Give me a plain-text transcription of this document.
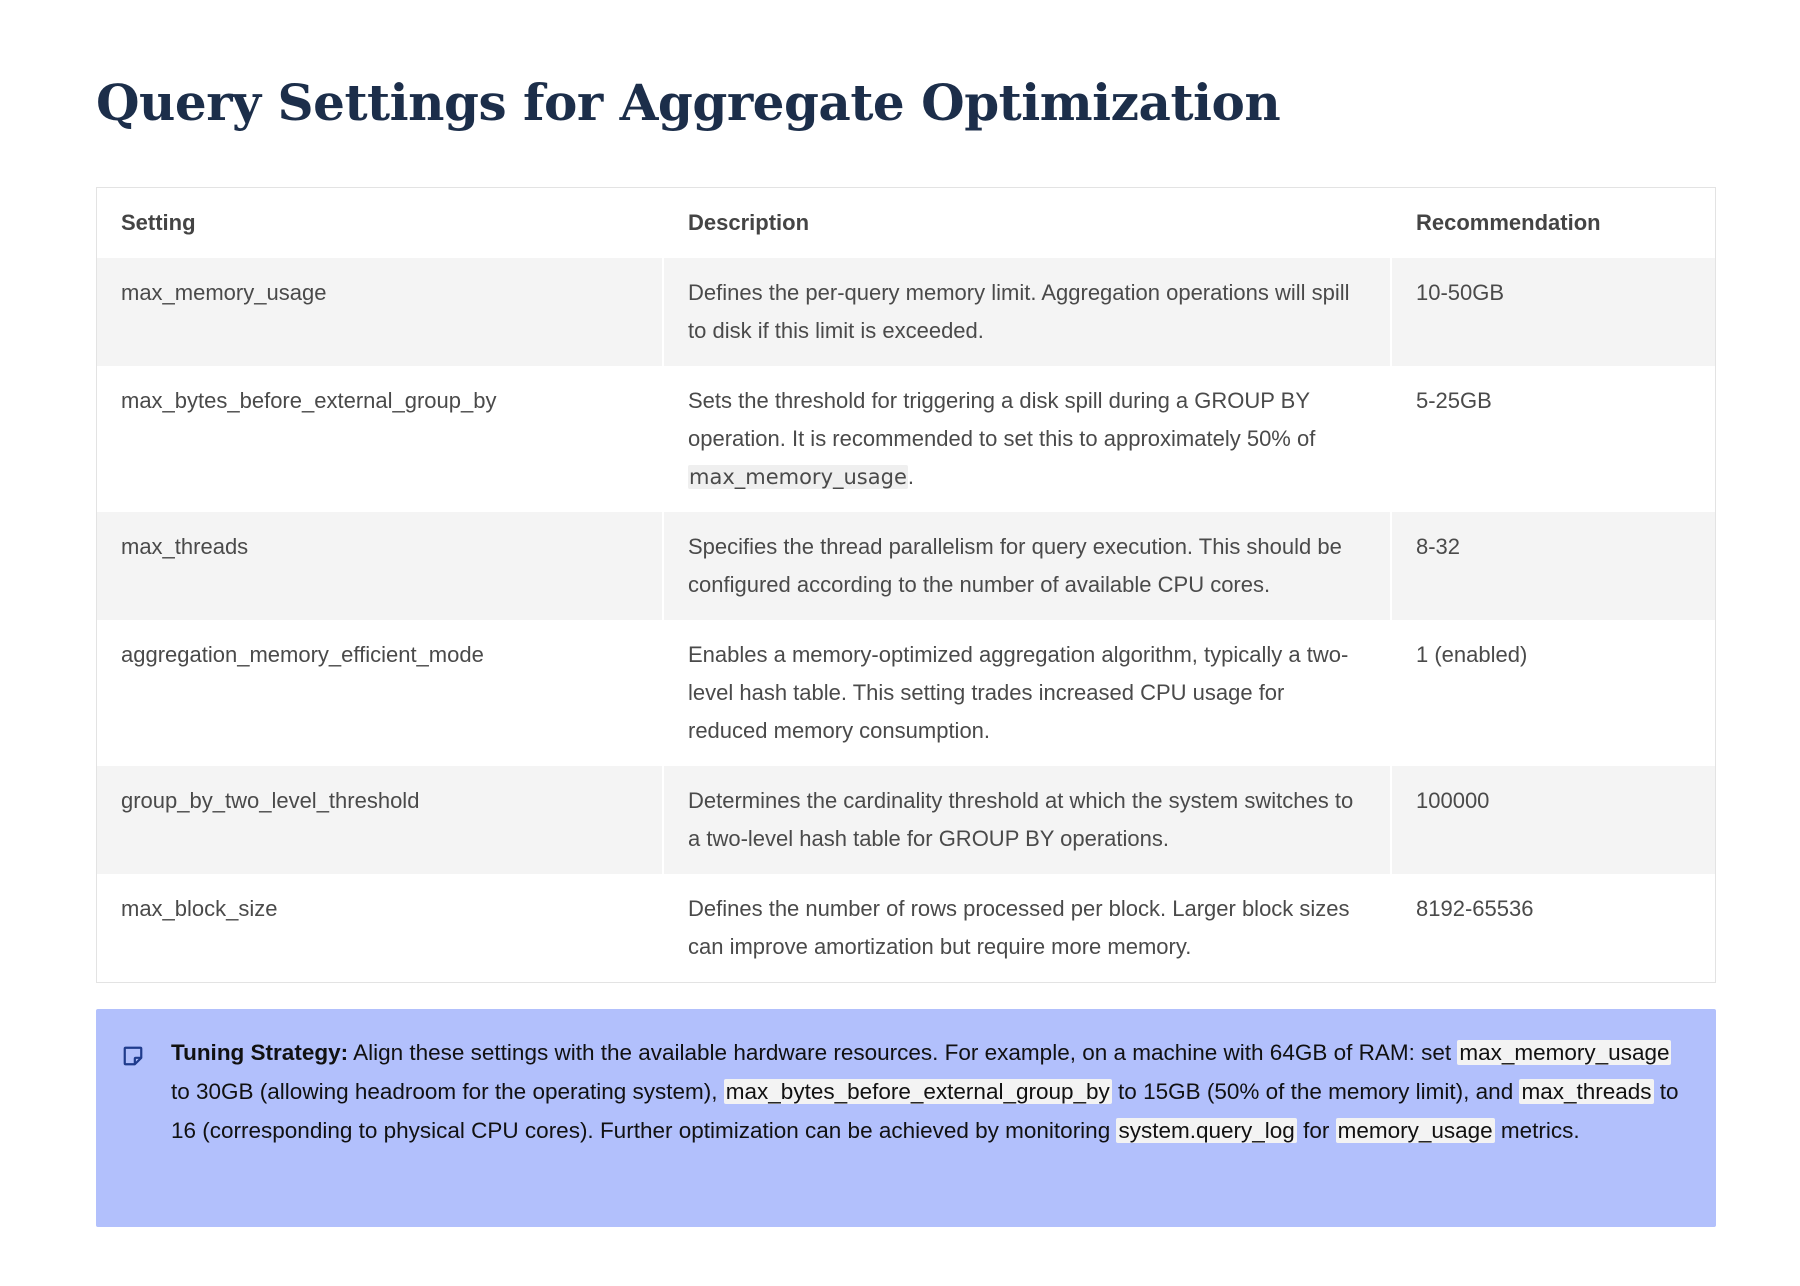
Query Settings for Aggregate Optimization
Setting	Description	Recommendation
max_memory_usage	Defines the per-query memory limit. Aggregation operations will spill to disk if this limit is exceeded.	10-50GB
max_bytes_before_external_group_by	Sets the threshold for triggering a disk spill during a GROUP BY operation. It is recommended to set this to approximately 50% of max_memory_usage.	5-25GB
max_threads	Specifies the thread parallelism for query execution. This should be configured according to the number of available CPU cores.	8-32
aggregation_memory_efficient_mode	Enables a memory-optimized aggregation algorithm, typically a two-level hash table. This setting trades increased CPU usage for reduced memory consumption.	1 (enabled)
group_by_two_level_threshold	Determines the cardinality threshold at which the system switches to a two-level hash table for GROUP BY operations.	100000
max_block_size	Defines the number of rows processed per block. Larger block sizes can improve amortization but require more memory.	8192-65536
Tuning Strategy: Align these settings with the available hardware resources. For example, on a machine with 64GB of RAM: set max_memory_usage to 30GB (allowing headroom for the operating system), max_bytes_before_external_group_by to 15GB (50% of the memory limit), and max_threads to 16 (corresponding to physical CPU cores). Further optimization can be achieved by monitoring system.query_log for memory_usage metrics.
